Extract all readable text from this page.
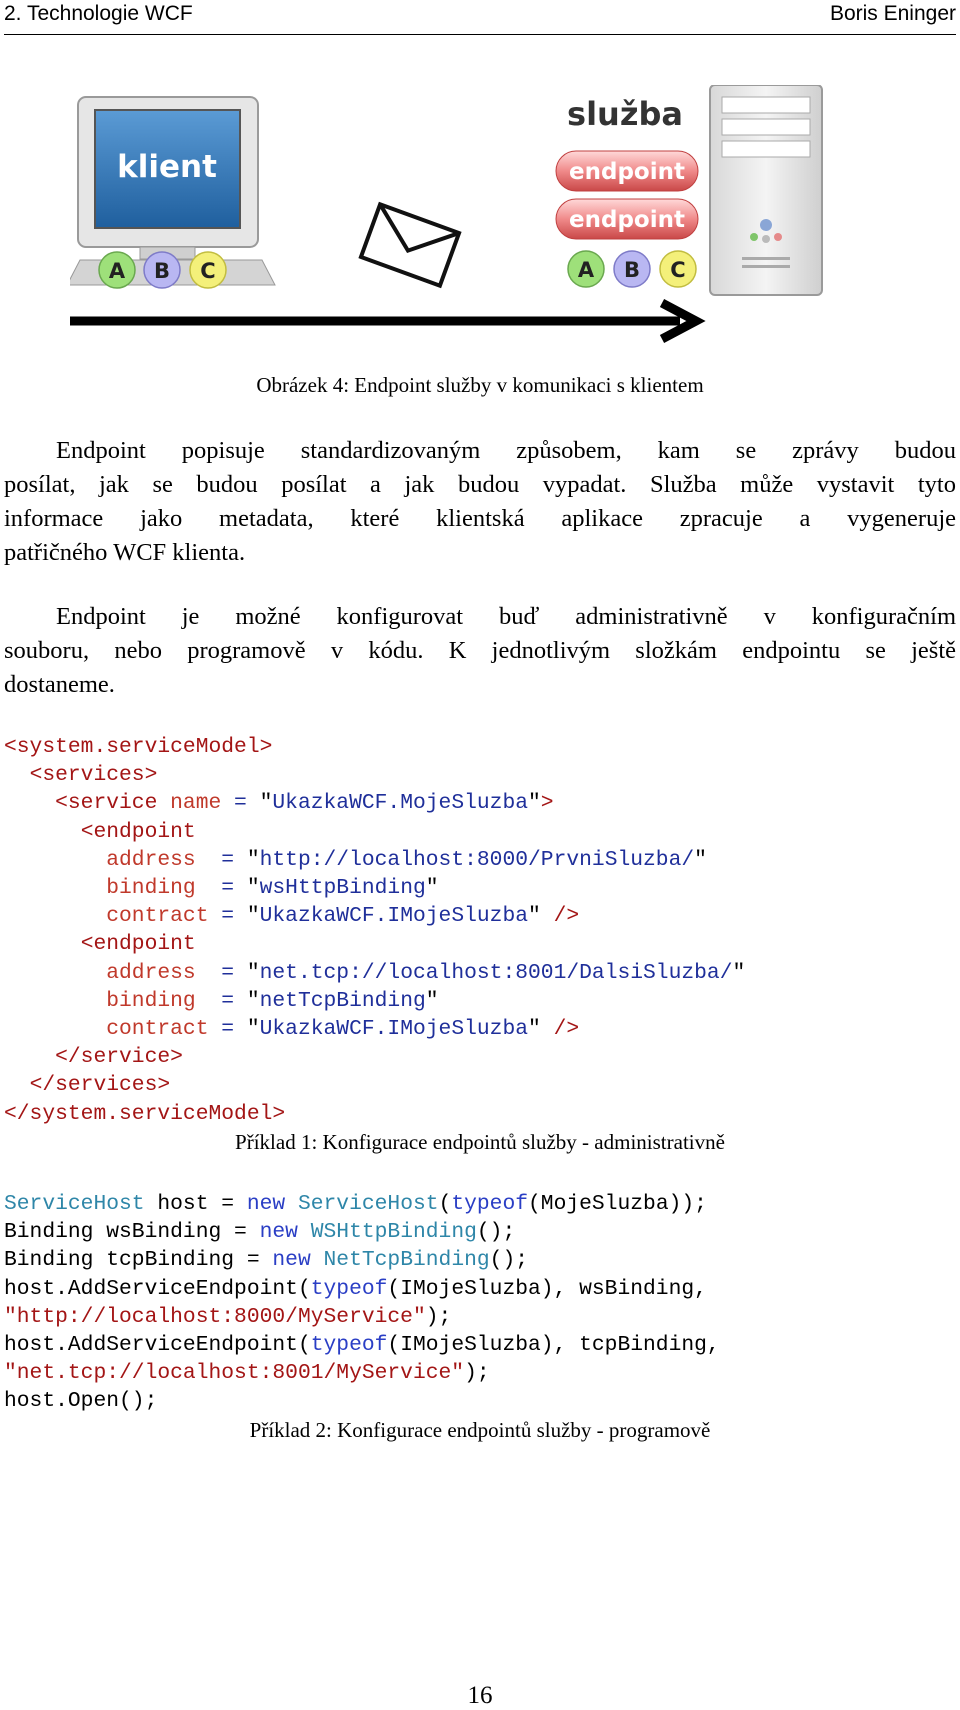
2. Technologie WCF	Boris Eninger
klient
A B C
služba
endpoint
endpoint
A B C
Obrázek 4: Endpoint služby v komunikaci s klientem
Endpoint popisuje standardizovaným způsobem, kam se zprávy budou
posílat, jak se budou posílat a jak budou vypadat. Služba může vystavit tyto
informace jako metadata, které klientská aplikace zpracuje a vygeneruje
patřičného WCF klienta.
Endpoint je možné konfigurovat buď administrativně v konfiguračním
souboru, nebo programově v kódu. K jednotlivým složkám endpointu se ještě
dostaneme.
<system.serviceModel>
<services>
<service name = "UkazkaWCF.MojeSluzba">
<endpoint
address  = "http://localhost:8000/PrvniSluzba/"
binding  = "wsHttpBinding"
contract = "UkazkaWCF.IMojeSluzba" />
<endpoint
address  = "net.tcp://localhost:8001/DalsiSluzba/"
binding  = "netTcpBinding"
contract = "UkazkaWCF.IMojeSluzba" />
</service>
</services>
</system.serviceModel>

Příklad 1: Konfigurace endpointů služby - administrativně
ServiceHost host = new ServiceHost(typeof(MojeSluzba));
Binding wsBinding = new WSHttpBinding();
Binding tcpBinding = new NetTcpBinding();
host.AddServiceEndpoint(typeof(IMojeSluzba), wsBinding,
"http://localhost:8000/MyService");
host.AddServiceEndpoint(typeof(IMojeSluzba), tcpBinding,
"net.tcp://localhost:8001/MyService");
host.Open();

Příklad 2: Konfigurace endpointů služby - programově
16
